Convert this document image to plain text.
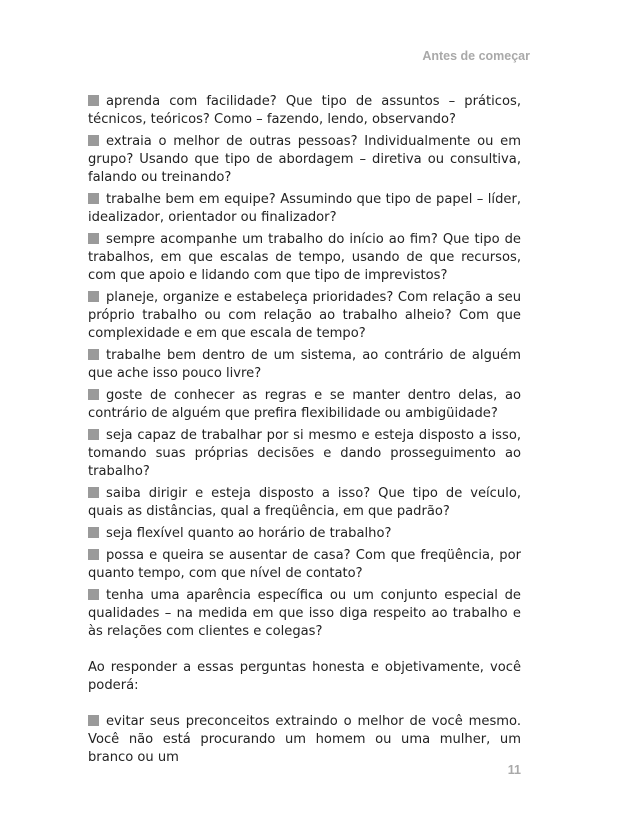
Antes de começar

aprenda com facilidade? Que tipo de assuntos – práticos, técnicos, teóricos? Como – fazendo, lendo, observando?

extraia o melhor de outras pessoas? Individualmente ou em grupo? Usando que tipo de abordagem – diretiva ou consultiva, falando ou treinando?

trabalhe bem em equipe? Assumindo que tipo de papel – líder, idealizador, orientador ou finalizador?

sempre acompanhe um trabalho do início ao fim? Que tipo de trabalhos, em que escalas de tempo, usando de que recursos, com que apoio e lidando com que tipo de imprevistos?

planeje, organize e estabeleça prioridades? Com relação a seu próprio trabalho ou com relação ao trabalho alheio? Com que complexidade e em que escala de tempo?

trabalhe bem dentro de um sistema, ao contrário de alguém que ache isso pouco livre?

goste de conhecer as regras e se manter dentro delas, ao contrário de alguém que prefira flexibilidade ou ambigüidade?

seja capaz de trabalhar por si mesmo e esteja disposto a isso, tomando suas próprias decisões e dando prosseguimento ao trabalho?

saiba dirigir e esteja disposto a isso? Que tipo de veículo, quais as distâncias, qual a freqüência, em que padrão?

seja flexível quanto ao horário de trabalho?

possa e queira se ausentar de casa? Com que freqüência, por quanto tempo, com que nível de contato?

tenha uma aparência específica ou um conjunto especial de qualidades – na medida em que isso diga respeito ao trabalho e às relações com clientes e colegas?

Ao responder a essas perguntas honesta e objetivamente, você poderá:

evitar seus preconceitos extraindo o melhor de você mesmo. Você não está procurando um homem ou uma mulher, um branco ou um

11
